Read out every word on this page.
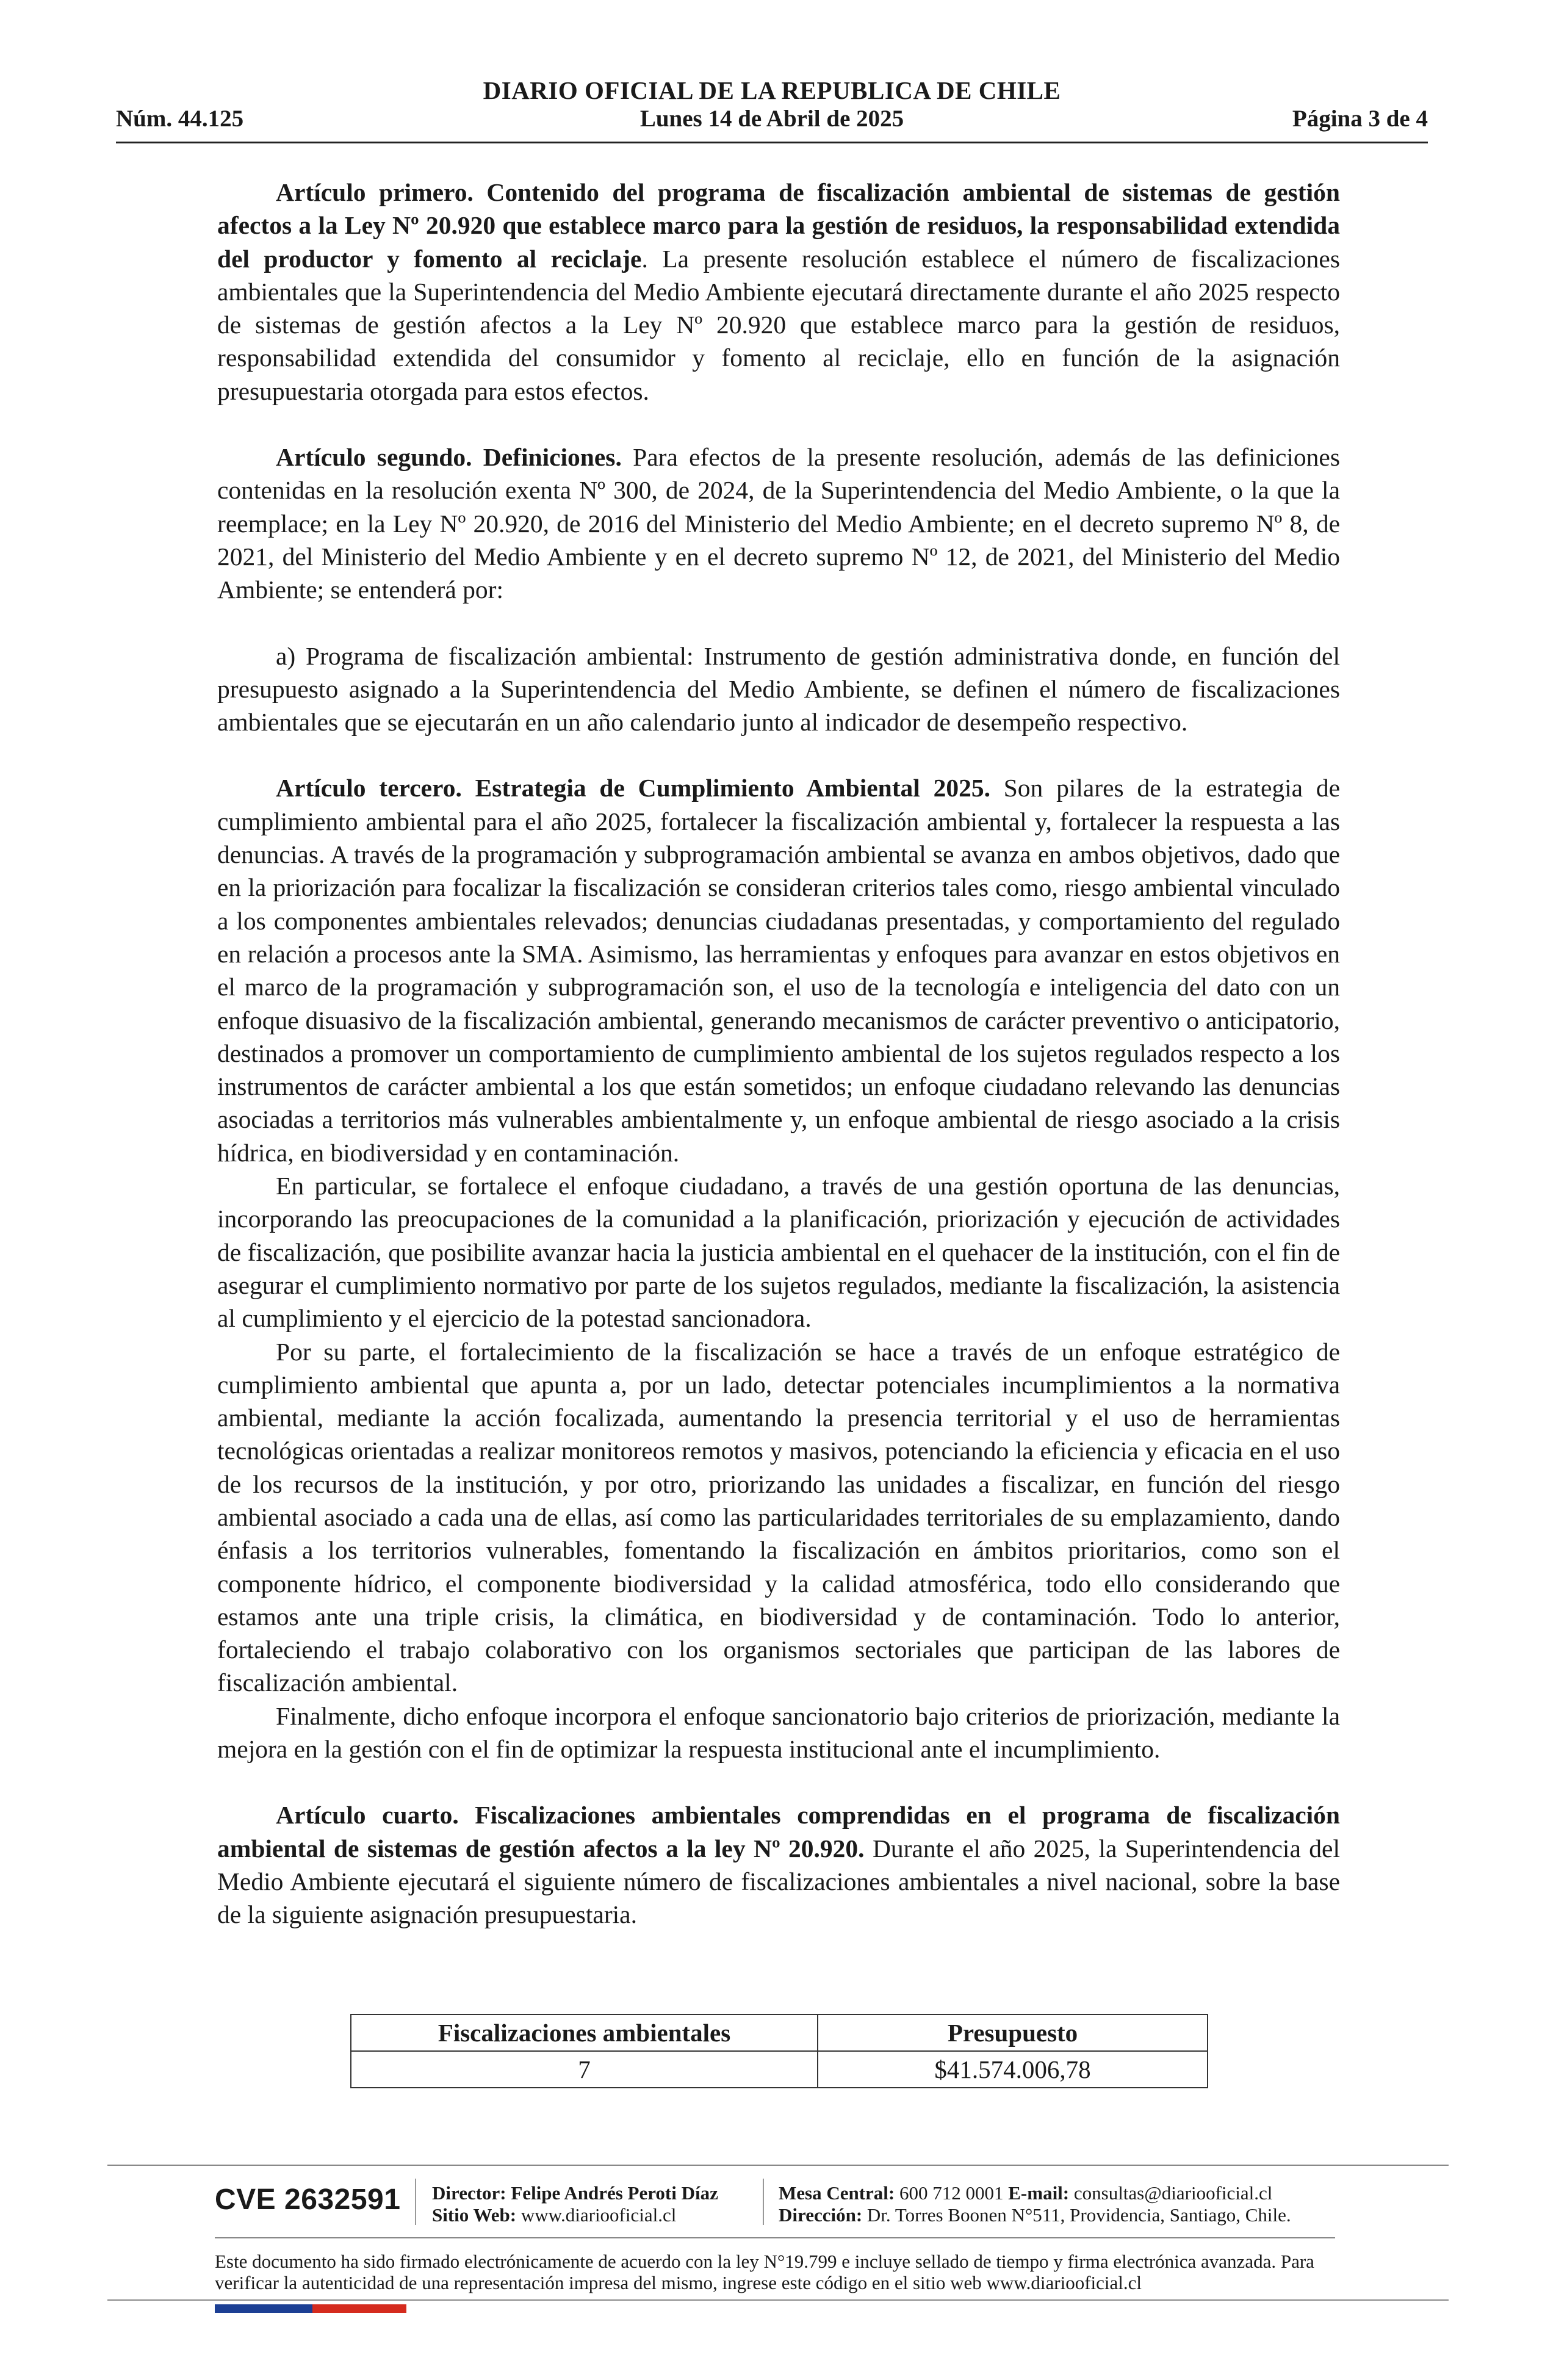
DIARIO OFICIAL DE LA REPUBLICA DE CHILE
Núm. 44.125	Lunes 14 de Abril de 2025	Página 3 de 4

Artículo primero. Contenido del programa de fiscalización ambiental de sistemas de gestión afectos a la Ley Nº 20.920 que establece marco para la gestión de residuos, la responsabilidad extendida del productor y fomento al reciclaje. La presente resolución establece el número de fiscalizaciones ambientales que la Superintendencia del Medio Ambiente ejecutará directamente durante el año 2025 respecto de sistemas de gestión afectos a la Ley Nº 20.920 que establece marco para la gestión de residuos, responsabilidad extendida del consumidor y fomento al reciclaje, ello en función de la asignación presupuestaria otorgada para estos efectos.

Artículo segundo. Definiciones. Para efectos de la presente resolución, además de las definiciones contenidas en la resolución exenta Nº 300, de 2024, de la Superintendencia del Medio Ambiente, o la que la reemplace; en la Ley Nº 20.920, de 2016 del Ministerio del Medio Ambiente; en el decreto supremo Nº 8, de 2021, del Ministerio del Medio Ambiente y en el decreto supremo Nº 12, de 2021, del Ministerio del Medio Ambiente; se entenderá por:

a) Programa de fiscalización ambiental: Instrumento de gestión administrativa donde, en función del presupuesto asignado a la Superintendencia del Medio Ambiente, se definen el número de fiscalizaciones ambientales que se ejecutarán en un año calendario junto al indicador de desempeño respectivo.

Artículo tercero. Estrategia de Cumplimiento Ambiental 2025. Son pilares de la estrategia de cumplimiento ambiental para el año 2025, fortalecer la fiscalización ambiental y, fortalecer la respuesta a las denuncias. A través de la programación y subprogramación ambiental se avanza en ambos objetivos, dado que en la priorización para focalizar la fiscalización se consideran criterios tales como, riesgo ambiental vinculado a los componentes ambientales relevados; denuncias ciudadanas presentadas, y comportamiento del regulado en relación a procesos ante la SMA. Asimismo, las herramientas y enfoques para avanzar en estos objetivos en el marco de la programación y subprogramación son, el uso de la tecnología e inteligencia del dato con un enfoque disuasivo de la fiscalización ambiental, generando mecanismos de carácter preventivo o anticipatorio, destinados a promover un comportamiento de cumplimiento ambiental de los sujetos regulados respecto a los instrumentos de carácter ambiental a los que están sometidos; un enfoque ciudadano relevando las denuncias asociadas a territorios más vulnerables ambientalmente y, un enfoque ambiental de riesgo asociado a la crisis hídrica, en biodiversidad y en contaminación.

En particular, se fortalece el enfoque ciudadano, a través de una gestión oportuna de las denuncias, incorporando las preocupaciones de la comunidad a la planificación, priorización y ejecución de actividades de fiscalización, que posibilite avanzar hacia la justicia ambiental en el quehacer de la institución, con el fin de asegurar el cumplimiento normativo por parte de los sujetos regulados, mediante la fiscalización, la asistencia al cumplimiento y el ejercicio de la potestad sancionadora.

Por su parte, el fortalecimiento de la fiscalización se hace a través de un enfoque estratégico de cumplimiento ambiental que apunta a, por un lado, detectar potenciales incumplimientos a la normativa ambiental, mediante la acción focalizada, aumentando la presencia territorial y el uso de herramientas tecnológicas orientadas a realizar monitoreos remotos y masivos, potenciando la eficiencia y eficacia en el uso de los recursos de la institución, y por otro, priorizando las unidades a fiscalizar, en función del riesgo ambiental asociado a cada una de ellas, así como las particularidades territoriales de su emplazamiento, dando énfasis a los territorios vulnerables, fomentando la fiscalización en ámbitos prioritarios, como son el componente hídrico, el componente biodiversidad y la calidad atmosférica, todo ello considerando que estamos ante una triple crisis, la climática, en biodiversidad y de contaminación. Todo lo anterior, fortaleciendo el trabajo colaborativo con los organismos sectoriales que participan de las labores de fiscalización ambiental.

Finalmente, dicho enfoque incorpora el enfoque sancionatorio bajo criterios de priorización, mediante la mejora en la gestión con el fin de optimizar la respuesta institucional ante el incumplimiento.

Artículo cuarto. Fiscalizaciones ambientales comprendidas en el programa de fiscalización ambiental de sistemas de gestión afectos a la ley Nº 20.920. Durante el año 2025, la Superintendencia del Medio Ambiente ejecutará el siguiente número de fiscalizaciones ambientales a nivel nacional, sobre la base de la siguiente asignación presupuestaria.

Fiscalizaciones ambientales	Presupuesto
7	$41.574.006,78
CVE 2632591 Director: Felipe Andrés Peroti Díaz
Sitio Web: www.diariooficial.cl
Mesa Central: 600 712 0001 E-mail: consultas@diariooficial.cl
Dirección: Dr. Torres Boonen N°511, Providencia, Santiago, Chile.
Este documento ha sido firmado electrónicamente de acuerdo con la ley N°19.799 e incluye sellado de tiempo y firma electrónica avanzada. Para verificar la autenticidad de una representación impresa del mismo, ingrese este código en el sitio web www.diariooficial.cl
